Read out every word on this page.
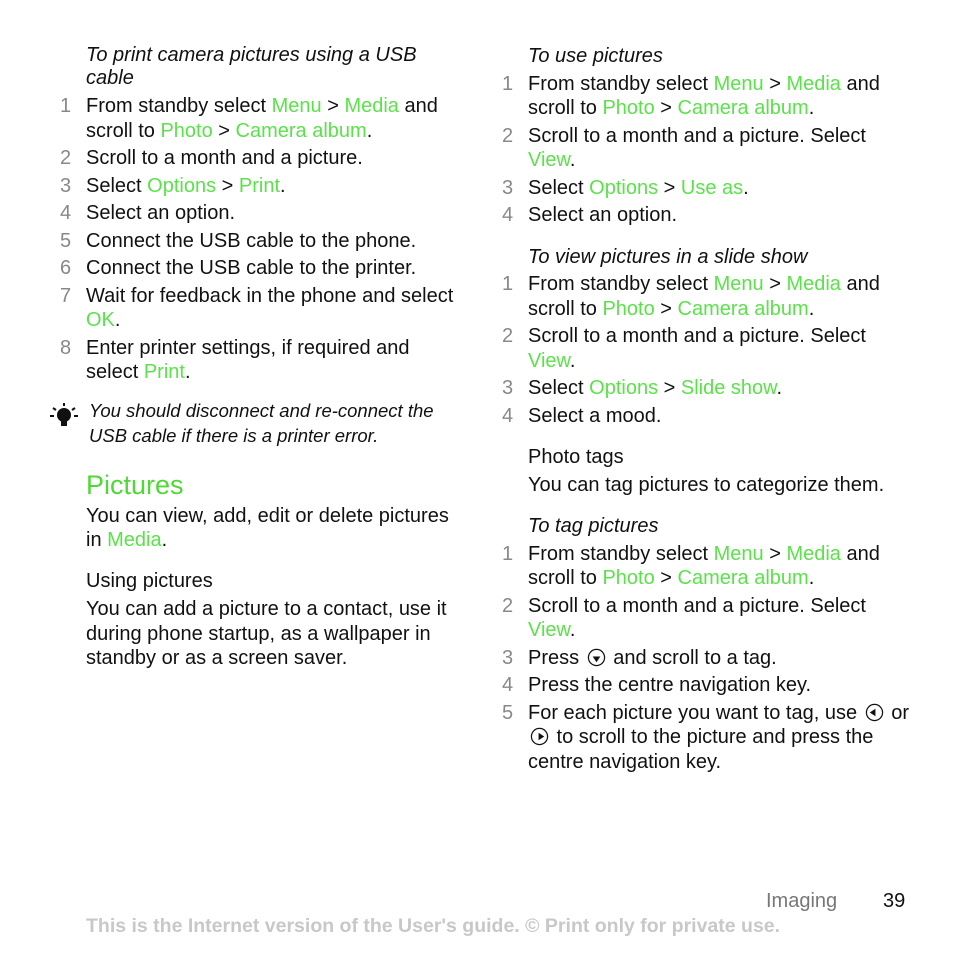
To print camera pictures using a USB cable

1 From standby select Menu > Media and scroll to Photo > Camera album.
2 Scroll to a month and a picture.
3 Select Options > Print.
4 Select an option.
5 Connect the USB cable to the phone.
6 Connect the USB cable to the printer.
7 Wait for feedback in the phone and select OK.
8 Enter printer settings, if required and select Print.
You should disconnect and re-connect the USB cable if there is a printer error.
Pictures

You can view, add, edit or delete pictures in Media.

Using pictures

You can add a picture to a contact, use it during phone startup, as a wallpaper in standby or as a screen saver.

To use pictures

1 From standby select Menu > Media and scroll to Photo > Camera album.
2 Scroll to a month and a picture. Select View.
3 Select Options > Use as.
4 Select an option.

To view pictures in a slide show

1 From standby select Menu > Media and scroll to Photo > Camera album.
2 Scroll to a month and a picture. Select View.
3 Select Options > Slide show.
4 Select a mood.

Photo tags

You can tag pictures to categorize them.

To tag pictures

1 From standby select Menu > Media and scroll to Photo > Camera album.
2 Scroll to a month and a picture. Select View.
3 Press  and scroll to a tag.
4 Press the centre navigation key.
5 For each picture you want to tag, use  or  to scroll to the picture and press the centre navigation key.
Imaging 39
This is the Internet version of the User's guide. © Print only for private use.
